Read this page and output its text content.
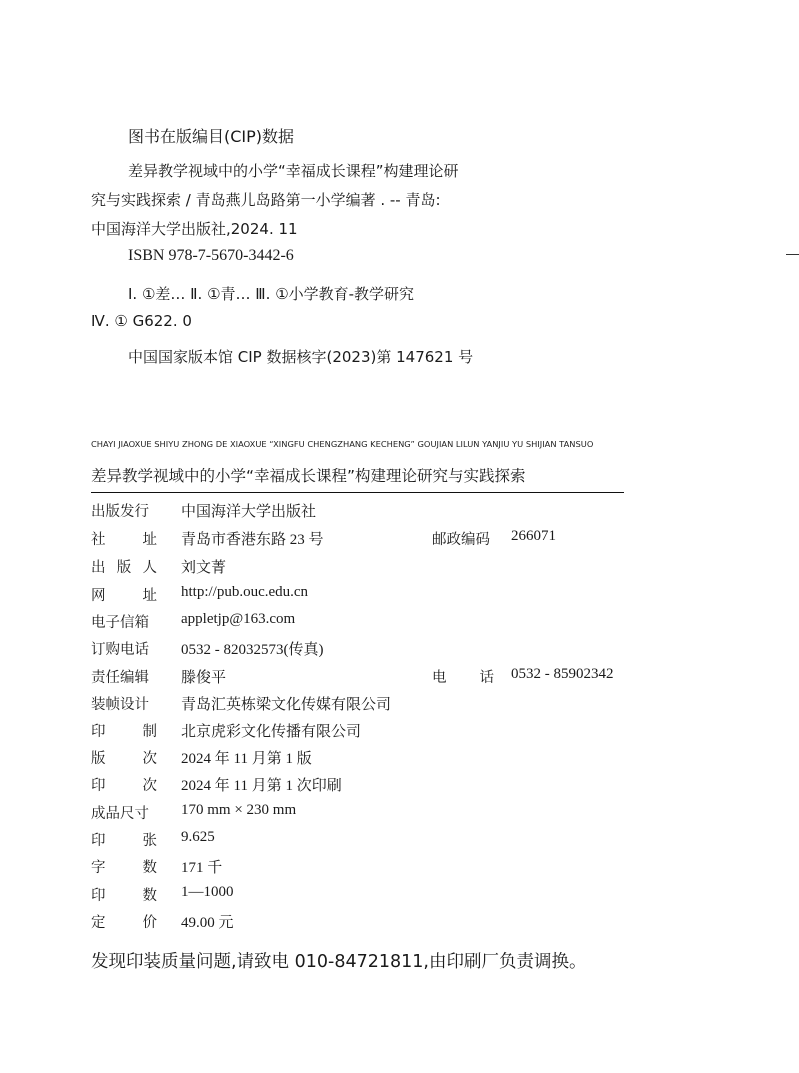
图书在版编目(CIP)数据
差异教学视域中的小学“幸福成长课程”构建理论研
究与实践探索 / 青岛燕儿岛路第一小学编著 . -- 青岛:
中国海洋大学出版社,2024. 11
ISBN 978-7-5670-3442-6
Ⅰ. ①差… Ⅱ. ①青… Ⅲ. ①小学教育-教学研究
Ⅳ. ① G622. 0
中国国家版本馆 CIP 数据核字(2023)第 147621 号
CHAYI JIAOXUE SHIYU ZHONG DE XIAOXUE “XINGFU CHENGZHANG KECHENG” GOUJIAN LILUN YANJIU YU SHIJIAN TANSUO
差异教学视域中的小学“幸福成长课程”构建理论研究与实践探索
出版发行 中国海洋大学出版社
社	址 青岛市香港东路 23 号	邮政编码 266071
出 版 人 刘文菁
网	址 http://pub.ouc.edu.cn
电子信箱 appletjp@163.com
订购电话 0532 - 82032573(传真)
责任编辑 滕俊平	电 话 0532 - 85902342
装帧设计 青岛汇英栋梁文化传媒有限公司
印	制 北京虎彩文化传播有限公司
版	次 2024 年 11 月第 1 版
印	次 2024 年 11 月第 1 次印刷
成品尺寸 170 mm × 230 mm
印	张 9.625
字	数 171 千
印	数 1—1000
定	价 49.00 元
发现印装质量问题,请致电 010-84721811,由印刷厂负责调换。
